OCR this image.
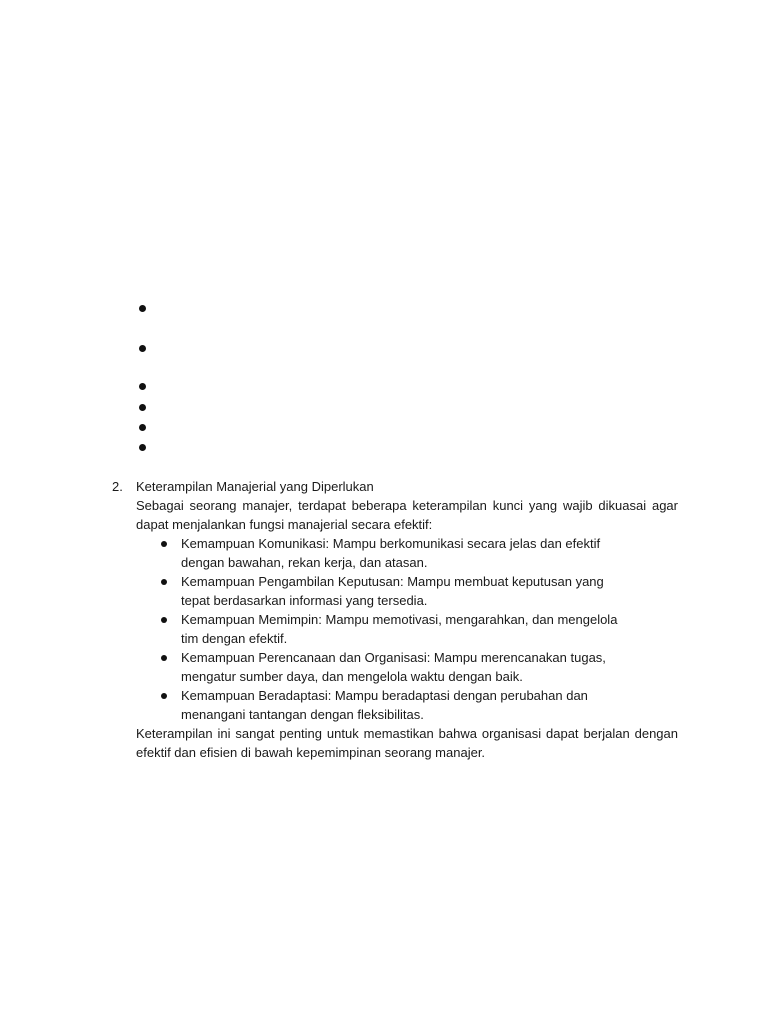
2. Keterampilan Manajerial yang Diperlukan

Sebagai seorang manajer, terdapat beberapa keterampilan kunci yang wajib dikuasai agar dapat menjalankan fungsi manajerial secara efektif:

Kemampuan Komunikasi: Mampu berkomunikasi secara jelas dan efektif dengan bawahan, rekan kerja, dan atasan.
Kemampuan Pengambilan Keputusan: Mampu membuat keputusan yang tepat berdasarkan informasi yang tersedia.
Kemampuan Memimpin: Mampu memotivasi, mengarahkan, dan mengelola tim dengan efektif.
Kemampuan Perencanaan dan Organisasi: Mampu merencanakan tugas, mengatur sumber daya, dan mengelola waktu dengan baik.
Kemampuan Beradaptasi: Mampu beradaptasi dengan perubahan dan menangani tantangan dengan fleksibilitas.

Keterampilan ini sangat penting untuk memastikan bahwa organisasi dapat berjalan dengan efektif dan efisien di bawah kepemimpinan seorang manajer.
